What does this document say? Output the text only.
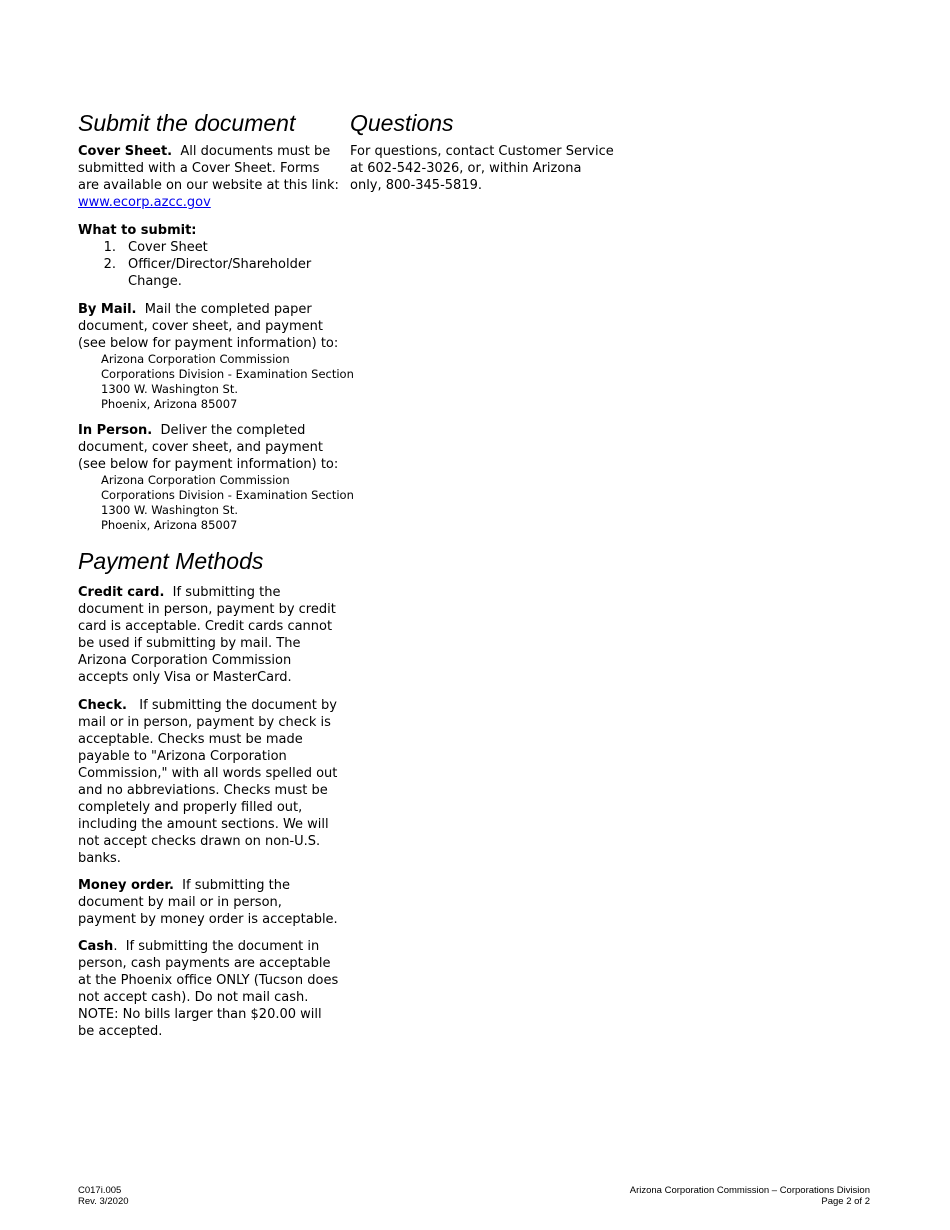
Submit the document
Cover Sheet.  All documents must be
submitted with a Cover Sheet. Forms
are available on our website at this link:
www.ecorp.azcc.gov
What to submit:
1. Cover Sheet
2. Officer/Director/Shareholder
Change.
By Mail.  Mail the completed paper
document, cover sheet, and payment
(see below for payment information) to:
Arizona Corporation Commission
Corporations Division - Examination Section
1300 W. Washington St.
Phoenix, Arizona 85007
In Person.  Deliver the completed
document, cover sheet, and payment
(see below for payment information) to:
Arizona Corporation Commission
Corporations Division - Examination Section
1300 W. Washington St.
Phoenix, Arizona 85007
Payment Methods
Credit card.  If submitting the
document in person, payment by credit
card is acceptable. Credit cards cannot
be used if submitting by mail. The
Arizona Corporation Commission
accepts only Visa or MasterCard.
Check.   If submitting the document by
mail or in person, payment by check is
acceptable. Checks must be made
payable to "Arizona Corporation
Commission," with all words spelled out
and no abbreviations. Checks must be
completely and properly filled out,
including the amount sections. We will
not accept checks drawn on non-U.S.
banks.
Money order.  If submitting the
document by mail or in person,
payment by money order is acceptable.
Cash.  If submitting the document in
person, cash payments are acceptable
at the Phoenix office ONLY (Tucson does
not accept cash). Do not mail cash.
NOTE: No bills larger than $20.00 will
be accepted.
Questions
For questions, contact Customer Service
at 602-542-3026, or, within Arizona
only, 800-345-5819.
C017i.005
Rev. 3/2020
Arizona Corporation Commission – Corporations Division
Page 2 of 2
